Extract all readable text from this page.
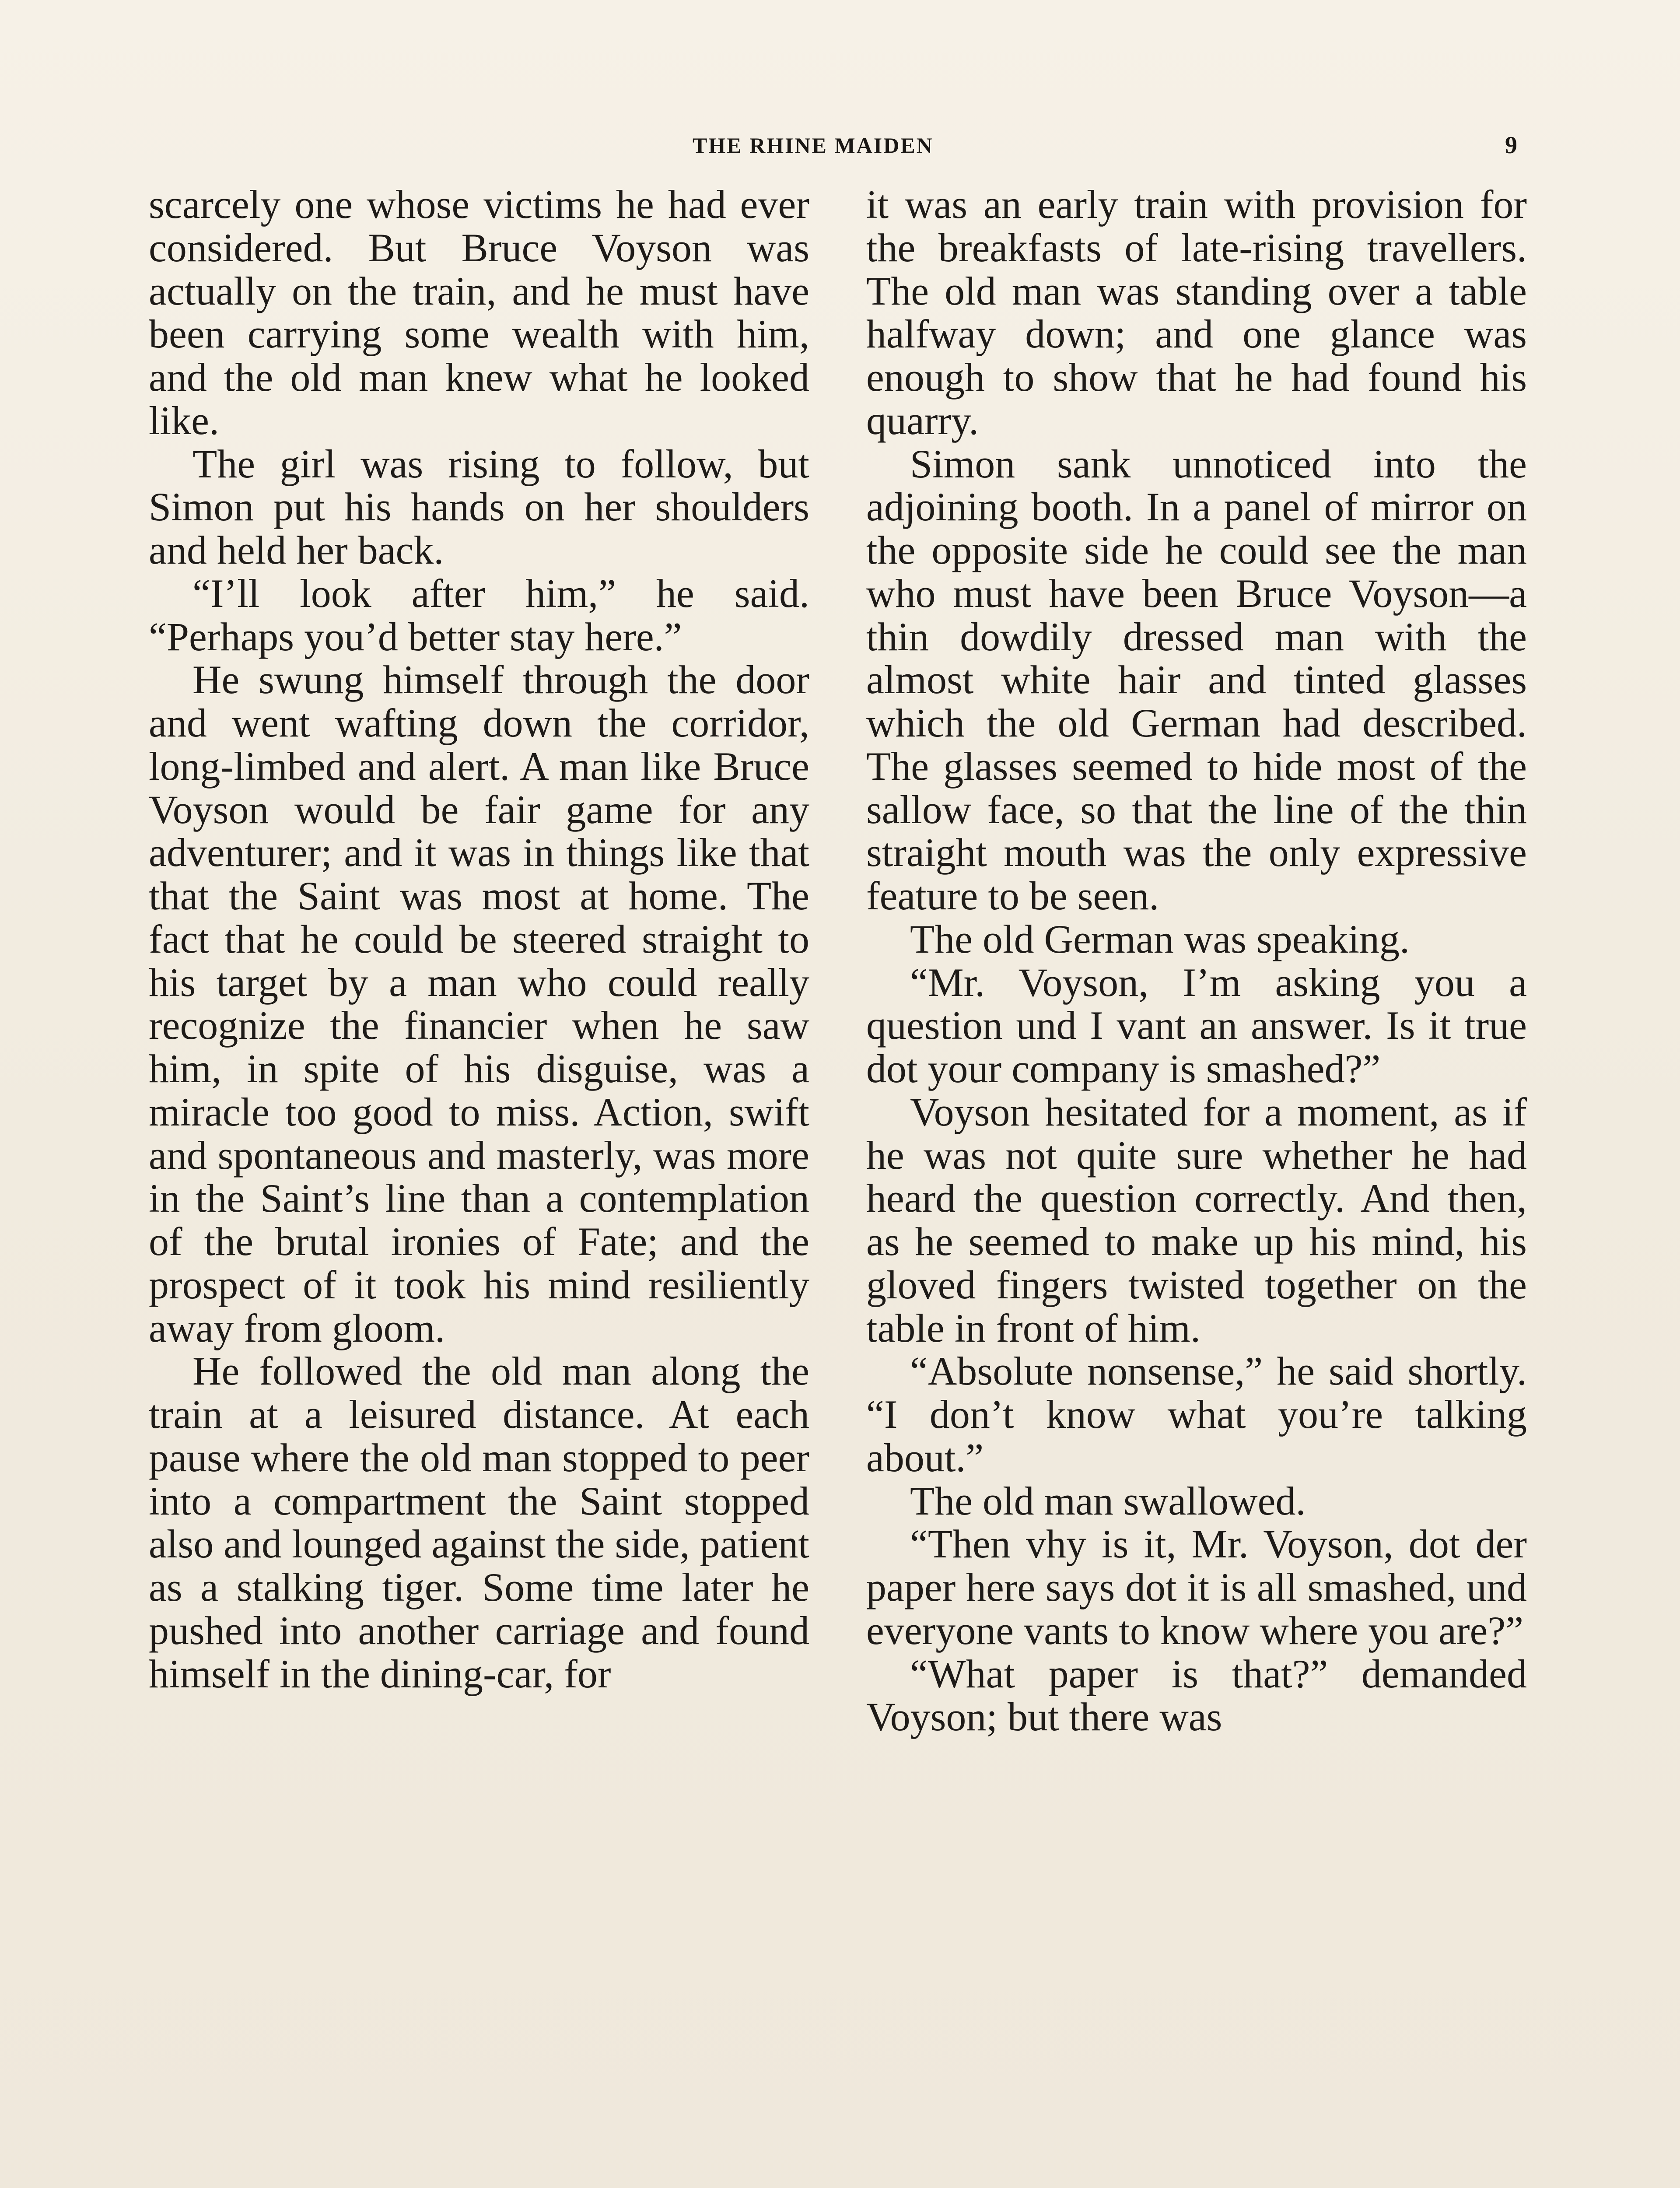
THE RHINE MAIDEN	9

scarcely one whose victims he had ever considered. But Bruce Voyson was actually on the train, and he must have been carrying some wealth with him, and the old man knew what he looked like.

The girl was rising to follow, but Simon put his hands on her shoulders and held her back.

“I’ll look after him,” he said. “Perhaps you’d better stay here.”

He swung himself through the door and went wafting down the corridor, long-limbed and alert. A man like Bruce Voyson would be fair game for any adventurer; and it was in things like that that the Saint was most at home. The fact that he could be steered straight to his target by a man who could really recognize the financier when he saw him, in spite of his disguise, was a miracle too good to miss. Action, swift and spontaneous and masterly, was more in the Saint’s line than a contemplation of the brutal ironies of Fate; and the prospect of it took his mind resiliently away from gloom.

He followed the old man along the train at a leisured distance. At each pause where the old man stopped to peer into a compartment the Saint stopped also and lounged against the side, patient as a stalking tiger. Some time later he pushed into another carriage and found himself in the dining-car, for

it was an early train with provision for the breakfasts of late-rising travellers. The old man was standing over a table halfway down; and one glance was enough to show that he had found his quarry.

Simon sank unnoticed into the adjoining booth. In a panel of mirror on the opposite side he could see the man who must have been Bruce Voyson—a thin dowdily dressed man with the almost white hair and tinted glasses which the old German had described. The glasses seemed to hide most of the sallow face, so that the line of the thin straight mouth was the only expressive feature to be seen.

The old German was speaking.

“Mr. Voyson, I’m asking you a question und I vant an answer. Is it true dot your company is smashed?”

Voyson hesitated for a moment, as if he was not quite sure whether he had heard the question correctly. And then, as he seemed to make up his mind, his gloved fingers twisted together on the table in front of him.

“Absolute nonsense,” he said shortly. “I don’t know what you’re talking about.”

The old man swallowed.

“Then vhy is it, Mr. Voyson, dot der paper here says dot it is all smashed, und everyone vants to know where you are?”

“What paper is that?” demanded Voyson; but there was
